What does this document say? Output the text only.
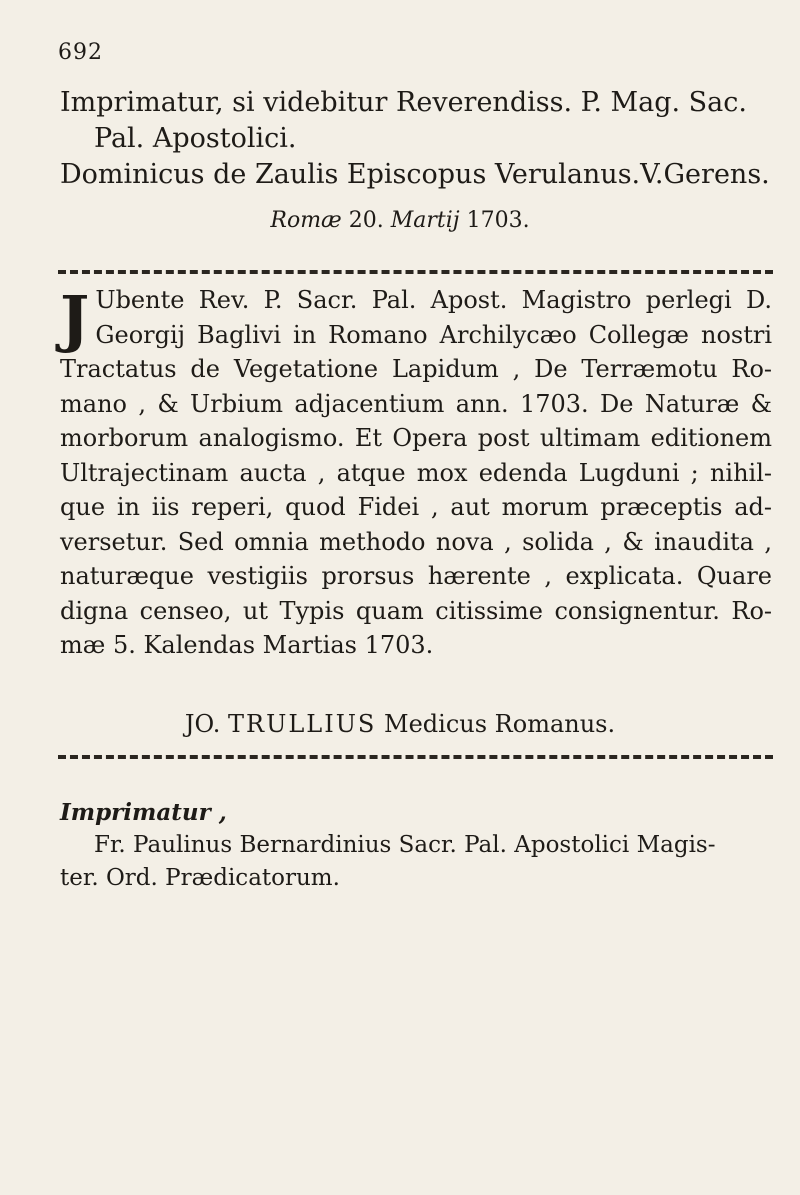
692
Imprimatur, si videbitur Reverendiss. P. Mag. Sac.
Pal. Apostolici.
Dominicus de Zaulis Episcopus Verulanus.V.Gerens.
Romæ 20. Martij 1703.
J Ubente Rev. P. Sacr. Pal. Apost. Magistro perlegi D.
Georgij Baglivi in Romano Archilycæo Collegæ nostri
Tractatus de Vegetatione Lapidum , De Terræmotu Ro-
mano , & Urbium adjacentium ann. 1703. De Naturæ &
morborum analogismo. Et Opera post ultimam editionem
Ultrajectinam aucta , atque mox edenda Lugduni ; nihil-
que in iis reperi, quod Fidei , aut morum præceptis ad-
versetur. Sed omnia methodo nova , solida , & inaudita ,
naturæque vestigiis prorsus hærente , explicata. Quare
digna censeo, ut Typis quam citissime consignentur. Ro-
mæ 5. Kalendas Martias 1703.
JO. TRULLIUS Medicus Romanus.
Imprimatur ,
Fr. Paulinus Bernardinius Sacr. Pal. Apostolici Magis-
ter. Ord. Prædicatorum.
